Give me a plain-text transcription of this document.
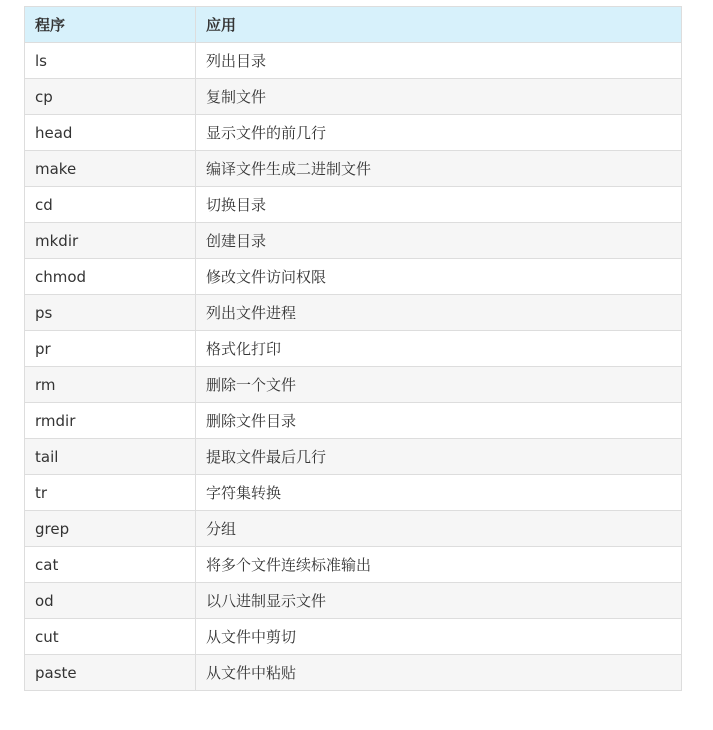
程序	应用
ls	列出目录
cp	复制文件
head	显示文件的前几行
make	编译文件生成二进制文件
cd	切换目录
mkdir	创建目录
chmod	修改文件访问权限
ps	列出文件进程
pr	格式化打印
rm	删除一个文件
rmdir	删除文件目录
tail	提取文件最后几行
tr	字符集转换
grep	分组
cat	将多个文件连续标准输出
od	以八进制显示文件
cut	从文件中剪切
paste	从文件中粘贴
